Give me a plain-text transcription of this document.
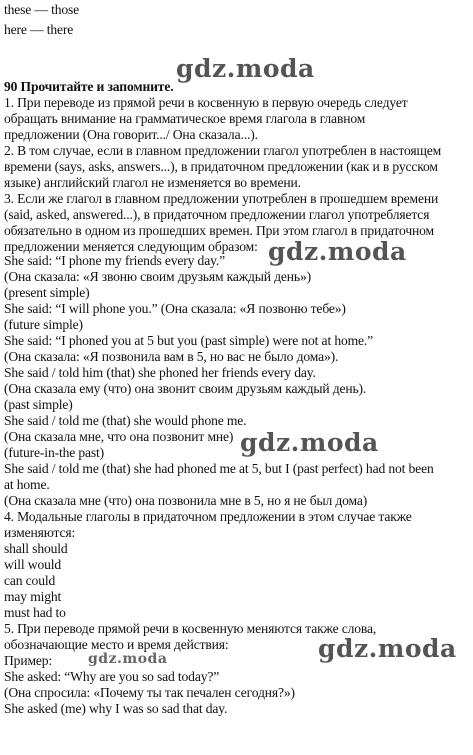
these — those
here — there
gdz.moda
90 Прочитайте и запомните.
1. При переводе из прямой речи в косвенную в первую очередь следует
обращать внимание на грамматическое время глагола в главном
предложении (Она говорит.../ Она сказала...).
2. В том случае, если в главном предложении глагол употреблен в настоящем
времени (says, asks, answers...), в придаточном предложении (как и в русском
языке) английский глагол не изменяется во времени.
3. Если же глагол в главном предложении употреблен в прошедшем времени
(said, asked, answered...), в придаточном предложении глагол употребляется
обязательно в одном из прошедших времен. При этом глагол в придаточном
предложении меняется следующим образом: gdz.moda
She said: “I phone my friends every day.”
(Она сказала: «Я звоню своим друзьям каждый день»)
(present simple)
She said: “I will phone you.” (Она сказала: «Я позвоню тебе»)
(future simple)
She said: “I phoned you at 5 but you (past simple) were not at home.”
(Она сказала: «Я позвонила вам в 5, но вас не было дома»).
She said / told him (that) she phoned her friends every day.
(Она сказала ему (что) она звонит своим друзьям каждый день).
(past simple)
She said / told me (that) she would phone me.
(Она сказала мне, что она позвонит мне) gdz.moda
(future-in-the past)
She said / told me (that) she had phoned me at 5, but I (past perfect) had not been
at home.
(Она сказала мне (что) она позвонила мне в 5, но я не был дома)
4. Модальные глаголы в придаточном предложении в этом случае также
изменяются:
shall should
will would
can could
may might
must had to
5. При переводе прямой речи в косвенную меняются также слова,
обозначающие место и время действия:	gdz.moda
Пример:	gdz.moda
She asked: “Why are you so sad today?”
(Она спросила: «Почему ты так печален сегодня?»)
She asked (me) why I was so sad that day.
